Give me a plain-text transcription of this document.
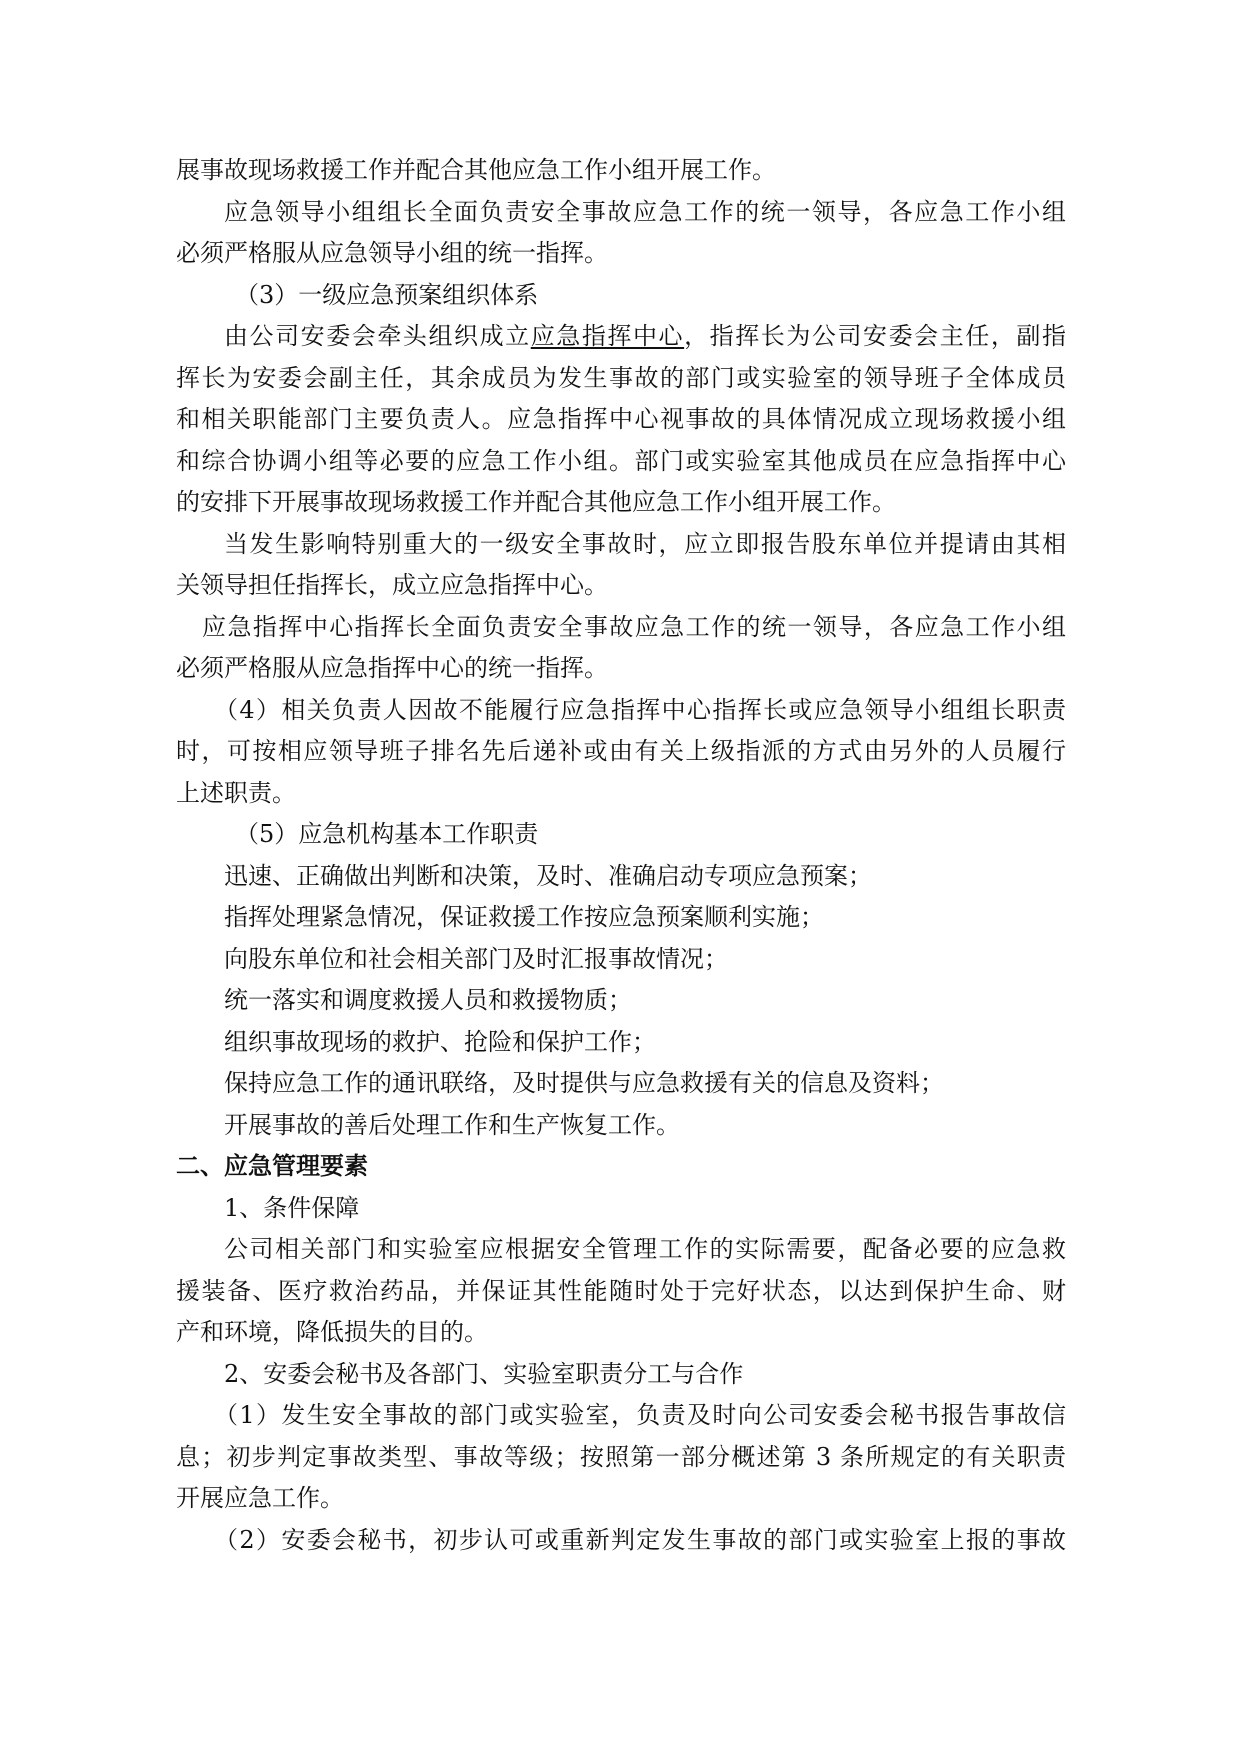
展事故现场救援工作并配合其他应急工作小组开展工作。
应急领导小组组长全面负责安全事故应急工作的统一领导，各应急工作小组
必须严格服从应急领导小组的统一指挥。
（3）一级应急预案组织体系
由公司安委会牵头组织成立应急指挥中心，指挥长为公司安委会主任，副指
挥长为安委会副主任，其余成员为发生事故的部门或实验室的领导班子全体成员
和相关职能部门主要负责人。应急指挥中心视事故的具体情况成立现场救援小组
和综合协调小组等必要的应急工作小组。部门或实验室其他成员在应急指挥中心
的安排下开展事故现场救援工作并配合其他应急工作小组开展工作。
当发生影响特别重大的一级安全事故时，应立即报告股东单位并提请由其相
关领导担任指挥长，成立应急指挥中心。
应急指挥中心指挥长全面负责安全事故应急工作的统一领导，各应急工作小组
必须严格服从应急指挥中心的统一指挥。
（4）相关负责人因故不能履行应急指挥中心指挥长或应急领导小组组长职责
时，可按相应领导班子排名先后递补或由有关上级指派的方式由另外的人员履行
上述职责。
（5）应急机构基本工作职责
迅速、正确做出判断和决策，及时、准确启动专项应急预案；
指挥处理紧急情况，保证救援工作按应急预案顺利实施；
向股东单位和社会相关部门及时汇报事故情况；
统一落实和调度救援人员和救援物质；
组织事故现场的救护、抢险和保护工作；
保持应急工作的通讯联络，及时提供与应急救援有关的信息及资料；
开展事故的善后处理工作和生产恢复工作。
二、应急管理要素
1、条件保障
公司相关部门和实验室应根据安全管理工作的实际需要，配备必要的应急救
援装备、医疗救治药品，并保证其性能随时处于完好状态，以达到保护生命、财
产和环境，降低损失的目的。
2、安委会秘书及各部门、实验室职责分工与合作
（1）发生安全事故的部门或实验室，负责及时向公司安委会秘书报告事故信
息；初步判定事故类型、事故等级；按照第一部分概述第 3 条所规定的有关职责
开展应急工作。
（2）安委会秘书，初步认可或重新判定发生事故的部门或实验室上报的事故
